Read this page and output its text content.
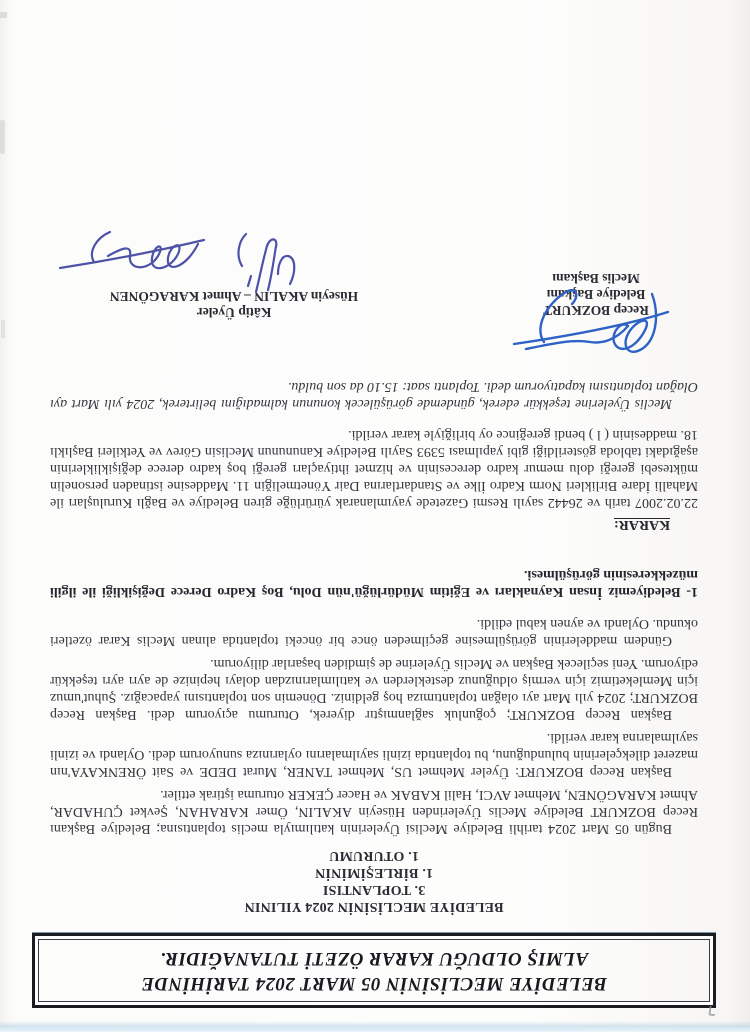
BELEDİYE MECLİSİNİN 05 MART 2024 TARİHİNDE
ALMIŞ OLDUĞU KARAR ÖZETİ TUTANAĞIDIR.
BELEDİYE MECLİSİNİN 2024 YILININ
3. TOPLANTISI
1. BİRLEŞİMİNİN
1. OTURUMU

Bugün 05 Mart 2024 tarihli Belediye Meclisi Üyelerinin katılımıyla meclis toplantısına; Belediye Başkanı Recep BOZKURT Belediye Meclis Üyelerinden Hüseyin AKALIN, Ömer KARAHAN, Şevket ÇUHADAR, Ahmet KARAGÖNEN, Mehmet AVCI, Halil KABAK ve Hacer ÇEKER oturuma iştirak ettiler.

Başkan Recep BOZKURT: Üyeler Mehmet US, Mehmet TANER, Murat DEDE ve Sait ÖRENKAYA'nın mazeret dilekçelerinin bulunduğunu, bu toplantıda izinli sayılmalarını oylarınıza sunuyorum dedi. Oylandı ve izinli sayılmalarına karar verildi.

Başkan Recep BOZKURT; çoğunluk sağlanmıştır diyerek, Oturumu açıyorum dedi. Başkan Recep BOZKURT; 2024 yılı Mart ayı olağan toplantımıza hoş geldiniz. Dönemin son toplantısını yapacağız. Şuhut'umuz için Memleketimiz için vermiş olduğunuz desteklerden ve katılımlarınızdan dolayı hepinize de ayrı ayrı teşekkür ediyorum. Yeni seçilecek Başkan ve Meclis Üyelerine de şimdiden başarılar diliyorum.

Gündem maddelerinin görüşülmesine geçilmeden önce bir önceki toplantıda alınan Meclis Karar özetleri okundu. Oylandı ve aynen kabul edildi.

1- Belediyemiz İnsan Kaynakları ve Eğitim Müdürlüğü'nün Dolu, Boş Kadro Derece Değişikliği ile ilgili müzekkeresinin görüşülmesi.

KARAR:

22.02.2007 tarih ve 26442 sayılı Resmi Gazetede yayımlanarak yürürlüğe giren Belediye ve Bağlı Kuruluşları ile Mahalli İdare Birlikleri Norm Kadro İlke ve Standartlarına Dair Yönetmeliğin 11. Maddesine istinaden personelin müktesebi gereği dolu memur kadro derecesinin ve hizmet ihtiyaçları gereği boş kadro derece değişikliklerinin aşağıdaki tabloda gösterildiği gibi yapılması 5393 Sayılı Belediye Kanununun Meclisin Görev ve Yetkileri Başlıklı 18. maddesinin ( l ) bendi gereğince oy birliğiyle karar verildi.

Meclis Üyelerine teşekkür ederek, gündemde görüşülecek konunun kalmadığını belirterek, 2024 yılı Mart ayı Olağan toplantısını kapatıyorum dedi. Toplantı saat: 15.10 da son buldu.

Recep BOZKURT
Belediye Başkanı
Meclis Başkanı
Kâtip Üyeler
Hüseyin AKALIN – Ahmet KARAGÖNEN
